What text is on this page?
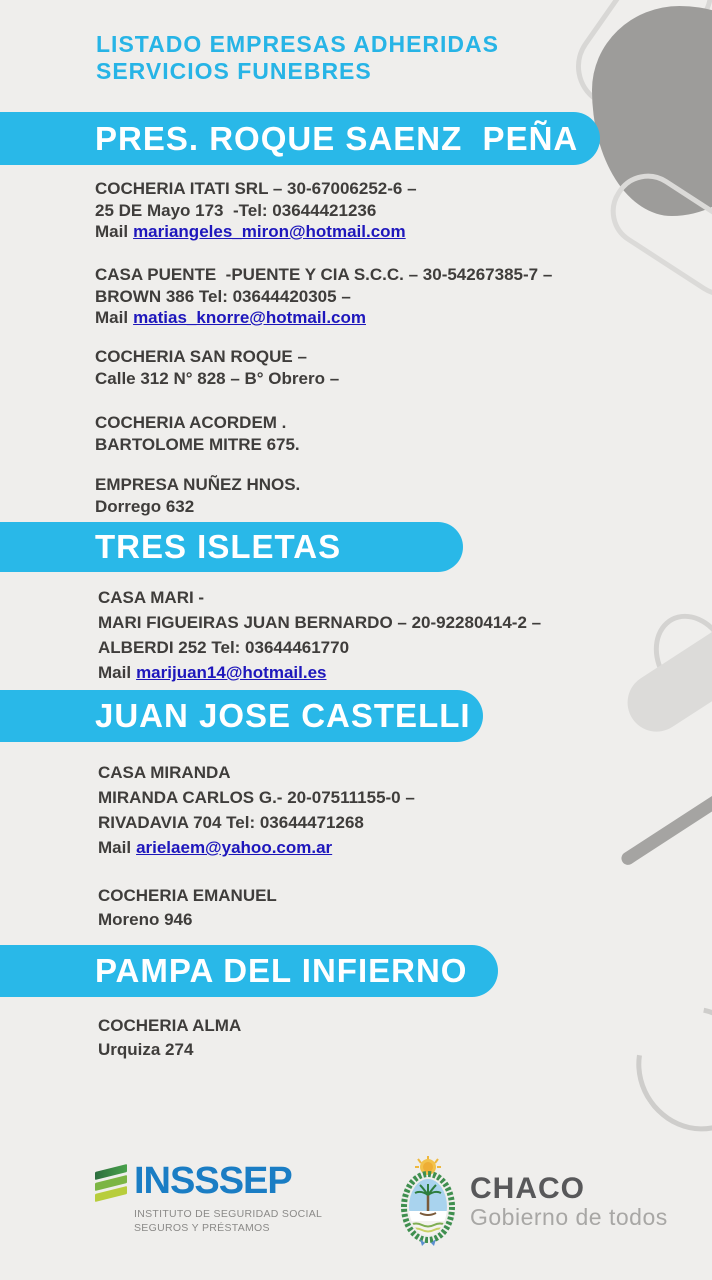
LISTADO EMPRESAS ADHERIDAS
SERVICIOS FUNEBRES
PRES. ROQUE SAENZ  PEÑA
COCHERIA ITATI SRL – 30-67006252-6 –
25 DE Mayo 173  -Tel: 03644421236
Mail mariangeles_miron@hotmail.com
CASA PUENTE  -PUENTE Y CIA S.C.C. – 30-54267385-7 –
BROWN 386 Tel: 03644420305 –
Mail matias_knorre@hotmail.com
COCHERIA SAN ROQUE –
Calle 312 N° 828 – B° Obrero –
COCHERIA ACORDEM .
BARTOLOME MITRE 675.
EMPRESA NUÑEZ HNOS.
Dorrego 632
TRES ISLETAS
CASA MARI -
MARI FIGUEIRAS JUAN BERNARDO – 20-92280414-2 –
ALBERDI 252 Tel: 03644461770
Mail marijuan14@hotmail.es
JUAN JOSE CASTELLI
CASA MIRANDA
MIRANDA CARLOS G.- 20-07511155-0 –
RIVADAVIA 704 Tel: 03644471268
Mail arielaem@yahoo.com.ar
COCHERIA EMANUEL
Moreno 946
PAMPA DEL INFIERNO
COCHERIA ALMA
Urquiza 274
INSSSEP
INSTITUTO DE SEGURIDAD SOCIAL
SEGUROS Y PRÉSTAMOS
CHACO
Gobierno de todos
